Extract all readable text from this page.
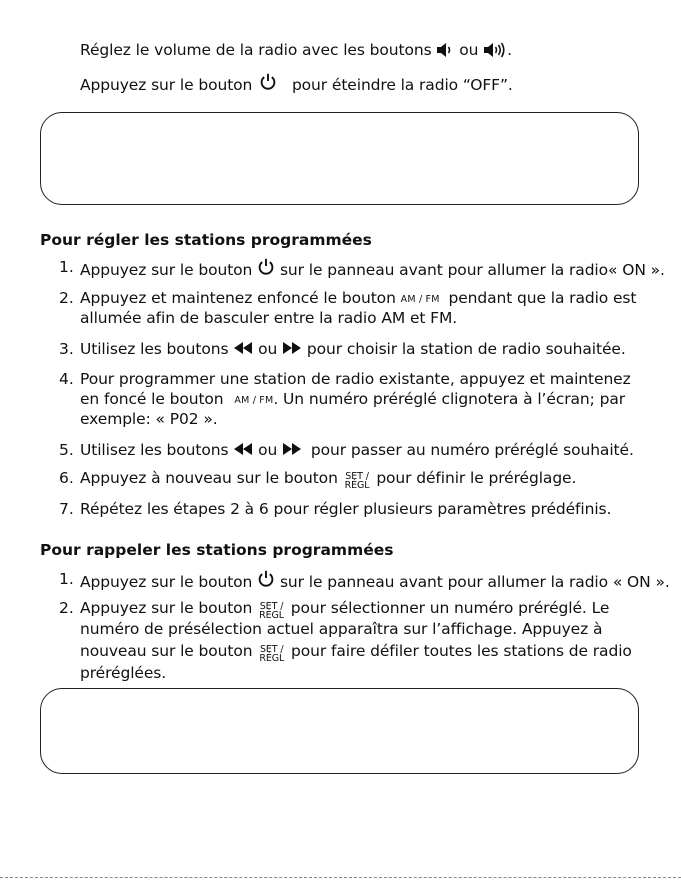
Réglez le volume de la radio avec les boutons ou .
Appuyez sur le bouton	pour éteindre la radio “OFF”.
Pour régler les stations programmées
1. Appuyez sur le bouton sur le panneau avant pour allumer la radio« ON ».
2. Appuyez et maintenez enfoncé le bouton AM / FM pendant que la radio est
allumée afin de basculer entre la radio AM et FM.
3. Utilisez les boutons ou pour choisir la station de radio souhaitée.
4. Pour programmer une station de radio existante, appuyez et maintenez
en foncé le bouton AM / FM. Un numéro préréglé clignotera à l’écran; par
exemple: « P02 ».
5. Utilisez les boutons ou pour passer au numéro préréglé souhaité.
6. Appuyez à nouveau sur le bouton SET /
RÉGL pour définir le préréglage.
7. Répétez les étapes 2 à 6 pour régler plusieurs paramètres prédéfinis.
Pour rappeler les stations programmées
1. Appuyez sur le bouton sur le panneau avant pour allumer la radio « ON ».
2. Appuyez sur le bouton SET /
RÉGL pour sélectionner un numéro préréglé. Le
numéro de présélection actuel apparaîtra sur l’affichage. Appuyez à
nouveau sur le bouton SET /
RÉGL pour faire défiler toutes les stations de radio
préréglées.
